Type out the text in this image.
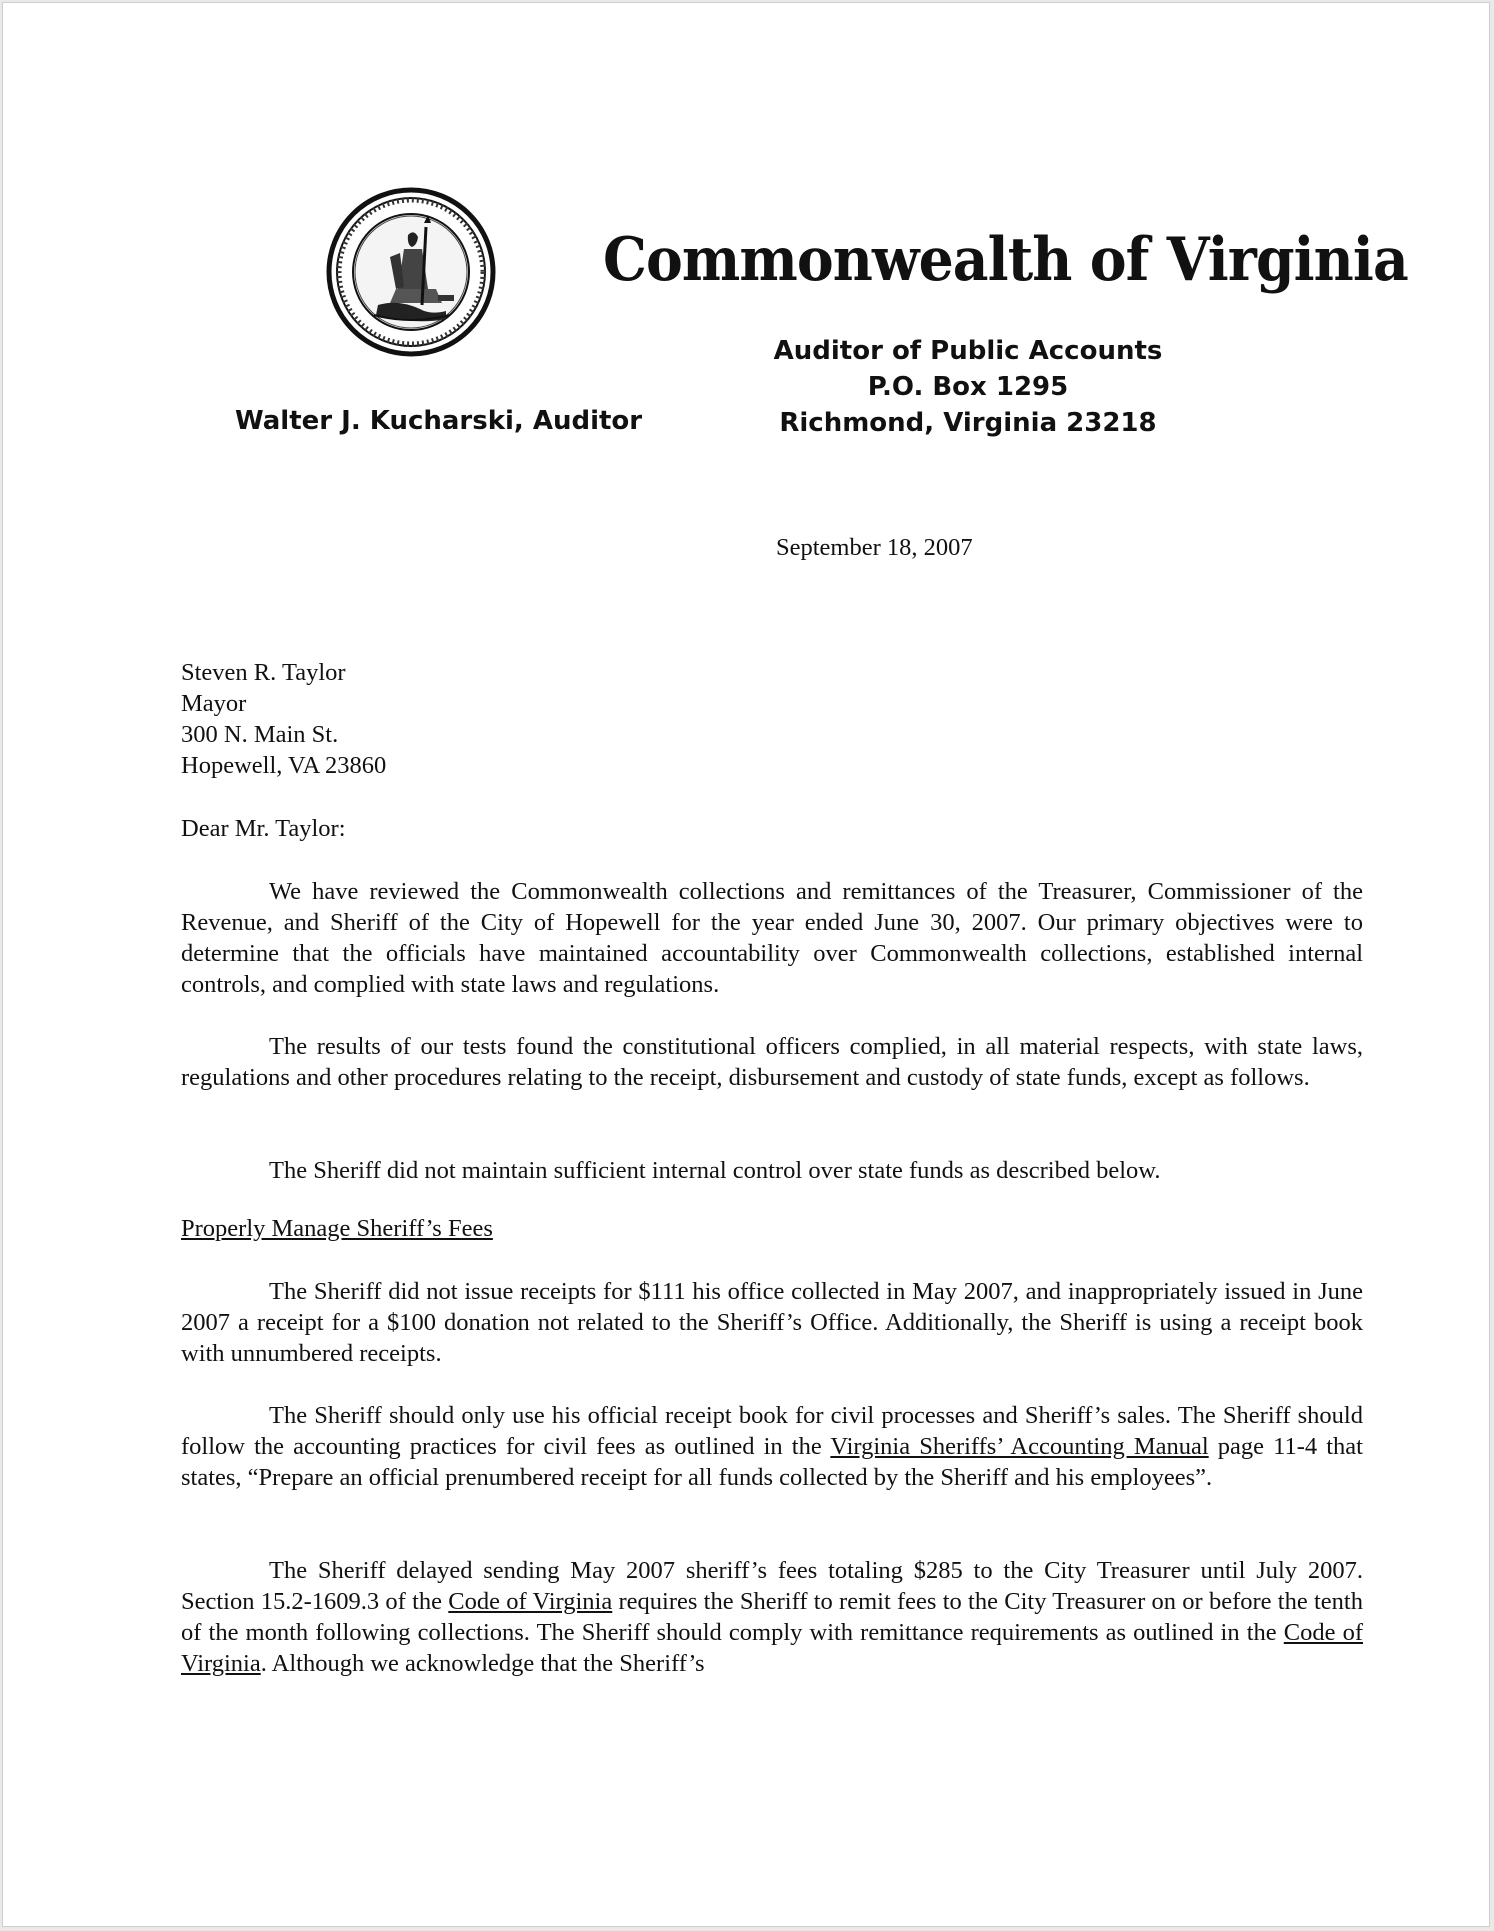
Commonwealth of Virginia
Auditor of Public Accounts
P.O. Box 1295
Richmond, Virginia 23218
Walter J. Kucharski, Auditor
September 18, 2007
Steven R. Taylor
Mayor
300 N. Main St.
Hopewell, VA 23860
Dear Mr. Taylor:

We have reviewed the Commonwealth collections and remittances of the Treasurer, Commissioner of the Revenue, and Sheriff of the City of Hopewell for the year ended June 30, 2007. Our primary objectives were to determine that the officials have maintained accountability over Commonwealth collections, established internal controls, and complied with state laws and regulations.

The results of our tests found the constitutional officers complied, in all material respects, with state laws, regulations and other procedures relating to the receipt, disbursement and custody of state funds, except as follows.

The Sheriff did not maintain sufficient internal control over state funds as described below.

Properly Manage Sheriff’s Fees

The Sheriff did not issue receipts for $111 his office collected in May 2007, and inappropriately issued in June 2007 a receipt for a $100 donation not related to the Sheriff’s Office. Additionally, the Sheriff is using a receipt book with unnumbered receipts.

The Sheriff should only use his official receipt book for civil processes and Sheriff’s sales. The Sheriff should follow the accounting practices for civil fees as outlined in the Virginia Sheriffs’ Accounting Manual page 11-4 that states, “Prepare an official prenumbered receipt for all funds collected by the Sheriff and his employees”.

The Sheriff delayed sending May 2007 sheriff’s fees totaling $285 to the City Treasurer until July 2007. Section 15.2-1609.3 of the Code of Virginia requires the Sheriff to remit fees to the City Treasurer on or before the tenth of the month following collections. The Sheriff should comply with remittance requirements as outlined in the Code of Virginia. Although we acknowledge that the Sheriff’s
